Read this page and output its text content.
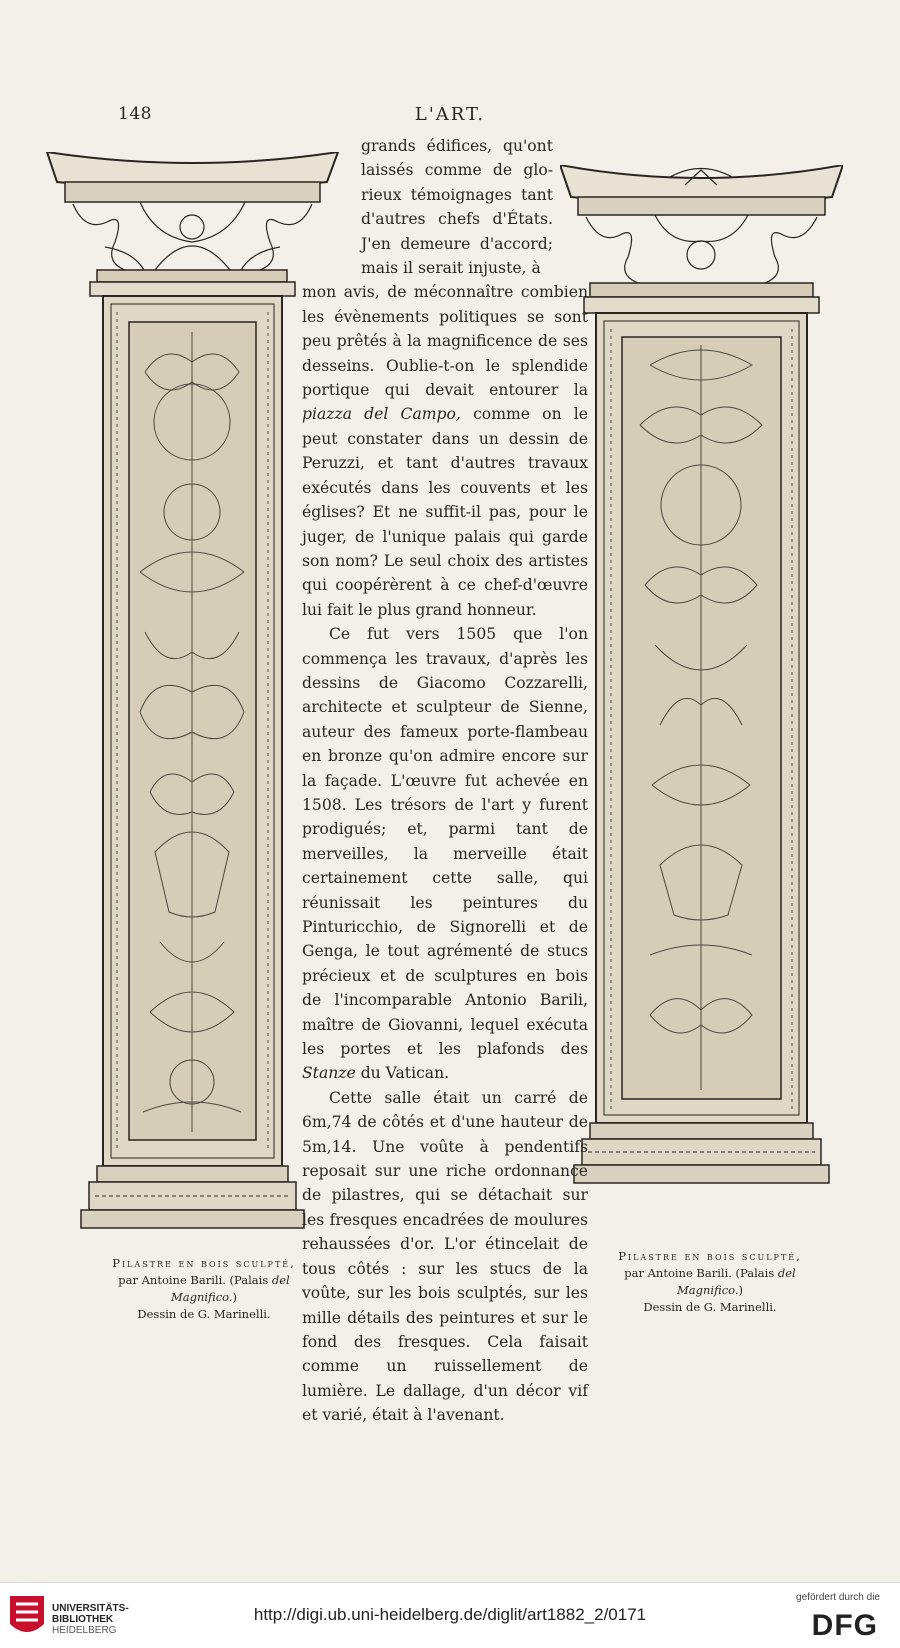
148	L'ART.
Pilastre en bois sculpté,
par Antoine Barili. (Palais del Magnifico.)
Dessin de G. Marinelli.
Pilastre en bois sculpté,
par Antoine Barili. (Palais del Magnifico.)
Dessin de G. Marinelli.

grands édifices, qu'ont laissés comme de glo- rieux témoignages tant d'autres chefs d'États. J'en demeure d'accord; mais il serait injuste, à

mon avis, de méconnaître combien les évènements politiques se sont peu prêtés à la magnificence de ses desseins. Oublie-t-on le splendide portique qui devait entourer la piazza del Campo, comme on le peut constater dans un dessin de Peruzzi, et tant d'autres travaux exécutés dans les couvents et les églises? Et ne suffit-il pas, pour le juger, de l'unique palais qui garde son nom? Le seul choix des artistes qui coopérèrent à ce chef-d'œuvre lui fait le plus grand honneur.

Ce fut vers 1505 que l'on commença les travaux, d'après les dessins de Giacomo Cozzarelli, architecte et sculpteur de Sienne, auteur des fameux porte-flambeau en bronze qu'on admire encore sur la façade. L'œuvre fut achevée en 1508. Les trésors de l'art y furent prodigués; et, parmi tant de merveilles, la merveille était certainement cette salle, qui réunissait les peintures du Pinturicchio, de Signorelli et de Genga, le tout agrémenté de stucs précieux et de sculptures en bois de l'incomparable Antonio Barili, maître de Giovanni, lequel exécuta les portes et les plafonds des Stanze du Vatican.

Cette salle était un carré de 6m,74 de côtés et d'une hauteur de 5m,14. Une voûte à pendentifs reposait sur une riche ordonnance de pilastres, qui se détachait sur les fresques encadrées de moulures rehaussées d'or. L'or étincelait de tous côtés : sur les stucs de la voûte, sur les bois sculptés, sur les mille détails des peintures et sur le fond des fresques. Cela faisait comme un ruissellement de lumière. Le dallage, d'un décor vif et varié, était à l'avenant.

UNIVERSITÄTS-
BIBLIOTHEK
HEIDELBERG
http://digi.ub.uni-heidelberg.de/diglit/art1882_2/0171
gefördert durch die
DFG
